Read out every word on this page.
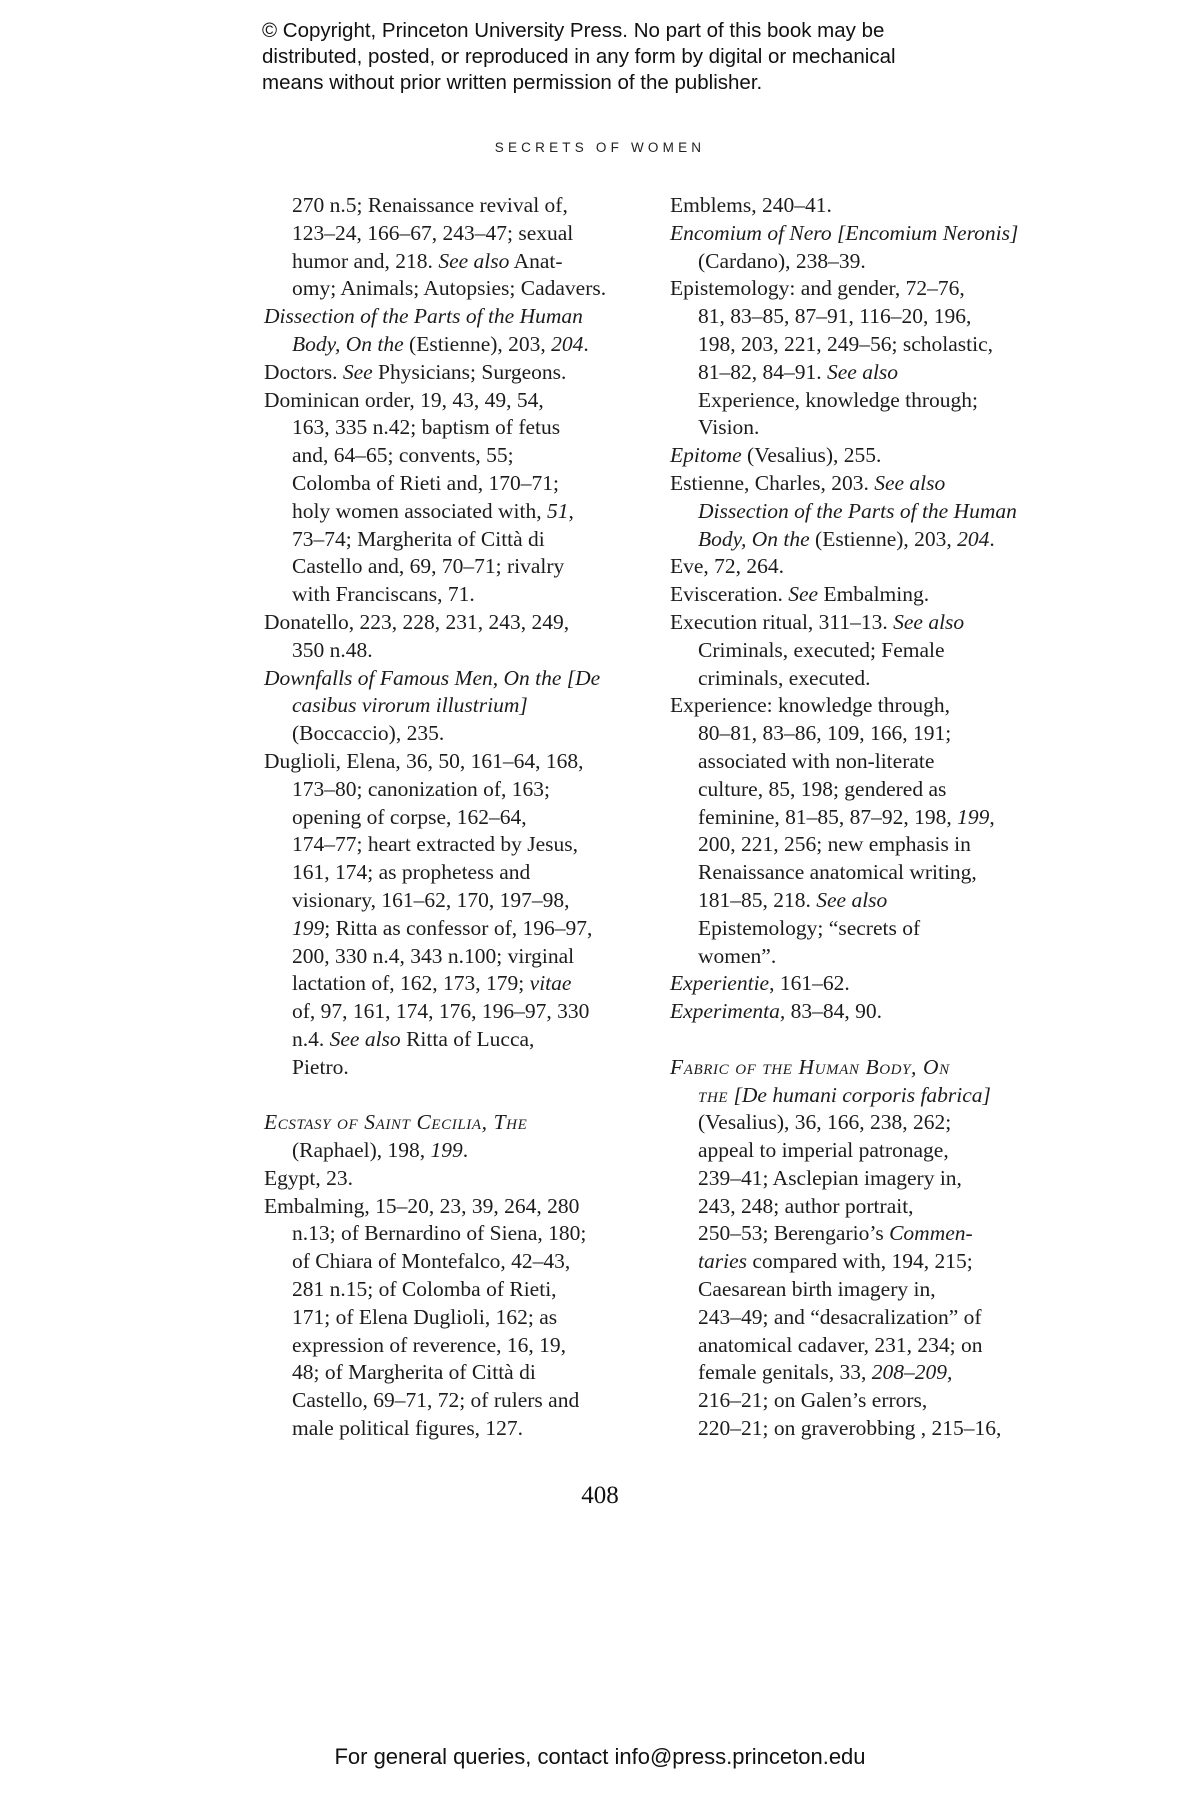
© Copyright, Princeton University Press. No part of this book may be
distributed, posted, or reproduced in any form by digital or mechanical
means without prior written permission of the publisher.
SECRETS OF WOMEN
270 n.5; Renaissance revival of,
123–24, 166–67, 243–47; sexual
humor and, 218. See also Anat-
omy; Animals; Autopsies; Cadavers.
Dissection of the Parts of the Human
Body, On the (Estienne), 203, 204.
Doctors. See Physicians; Surgeons.
Dominican order, 19, 43, 49, 54,
163, 335 n.42; baptism of fetus
and, 64–65; convents, 55;
Colomba of Rieti and, 170–71;
holy women associated with, 51,
73–74; Margherita of Città di
Castello and, 69, 70–71; rivalry
with Franciscans, 71.
Donatello, 223, 228, 231, 243, 249,
350 n.48.
Downfalls of Famous Men, On the [De
casibus virorum illustrium]
(Boccaccio), 235.
Duglioli, Elena, 36, 50, 161–64, 168,
173–80; canonization of, 163;
opening of corpse, 162–64,
174–77; heart extracted by Jesus,
161, 174; as prophetess and
visionary, 161–62, 170, 197–98,
199; Ritta as confessor of, 196–97,
200, 330 n.4, 343 n.100; virginal
lactation of, 162, 173, 179; vitae
of, 97, 161, 174, 176, 196–97, 330
n.4. See also Ritta of Lucca,
Pietro.
Ecstasy of Saint Cecilia, The
(Raphael), 198, 199.
Egypt, 23.
Embalming, 15–20, 23, 39, 264, 280
n.13; of Bernardino of Siena, 180;
of Chiara of Montefalco, 42–43,
281 n.15; of Colomba of Rieti,
171; of Elena Duglioli, 162; as
expression of reverence, 16, 19,
48; of Margherita of Città di
Castello, 69–71, 72; of rulers and
male political figures, 127.
Emblems, 240–41.
Encomium of Nero [Encomium Neronis]
(Cardano), 238–39.
Epistemology: and gender, 72–76,
81, 83–85, 87–91, 116–20, 196,
198, 203, 221, 249–56; scholastic,
81–82, 84–91. See also
Experience, knowledge through;
Vision.
Epitome (Vesalius), 255.
Estienne, Charles, 203. See also
Dissection of the Parts of the Human
Body, On the (Estienne), 203, 204.
Eve, 72, 264.
Evisceration. See Embalming.
Execution ritual, 311–13. See also
Criminals, executed; Female
criminals, executed.
Experience: knowledge through,
80–81, 83–86, 109, 166, 191;
associated with non-literate
culture, 85, 198; gendered as
feminine, 81–85, 87–92, 198, 199,
200, 221, 256; new emphasis in
Renaissance anatomical writing,
181–85, 218. See also
Epistemology; “secrets of
women”.
Experientie, 161–62.
Experimenta, 83–84, 90.
Fabric of the Human Body, On
the [De humani corporis fabrica]
(Vesalius), 36, 166, 238, 262;
appeal to imperial patronage,
239–41; Asclepian imagery in,
243, 248; author portrait,
250–53; Berengario’s Commen-
taries compared with, 194, 215;
Caesarean birth imagery in,
243–49; and “desacralization” of
anatomical cadaver, 231, 234; on
female genitals, 33, 208–209,
216–21; on Galen’s errors,
220–21; on graverobbing , 215–16,
408
For general queries, contact info@press.princeton.edu
